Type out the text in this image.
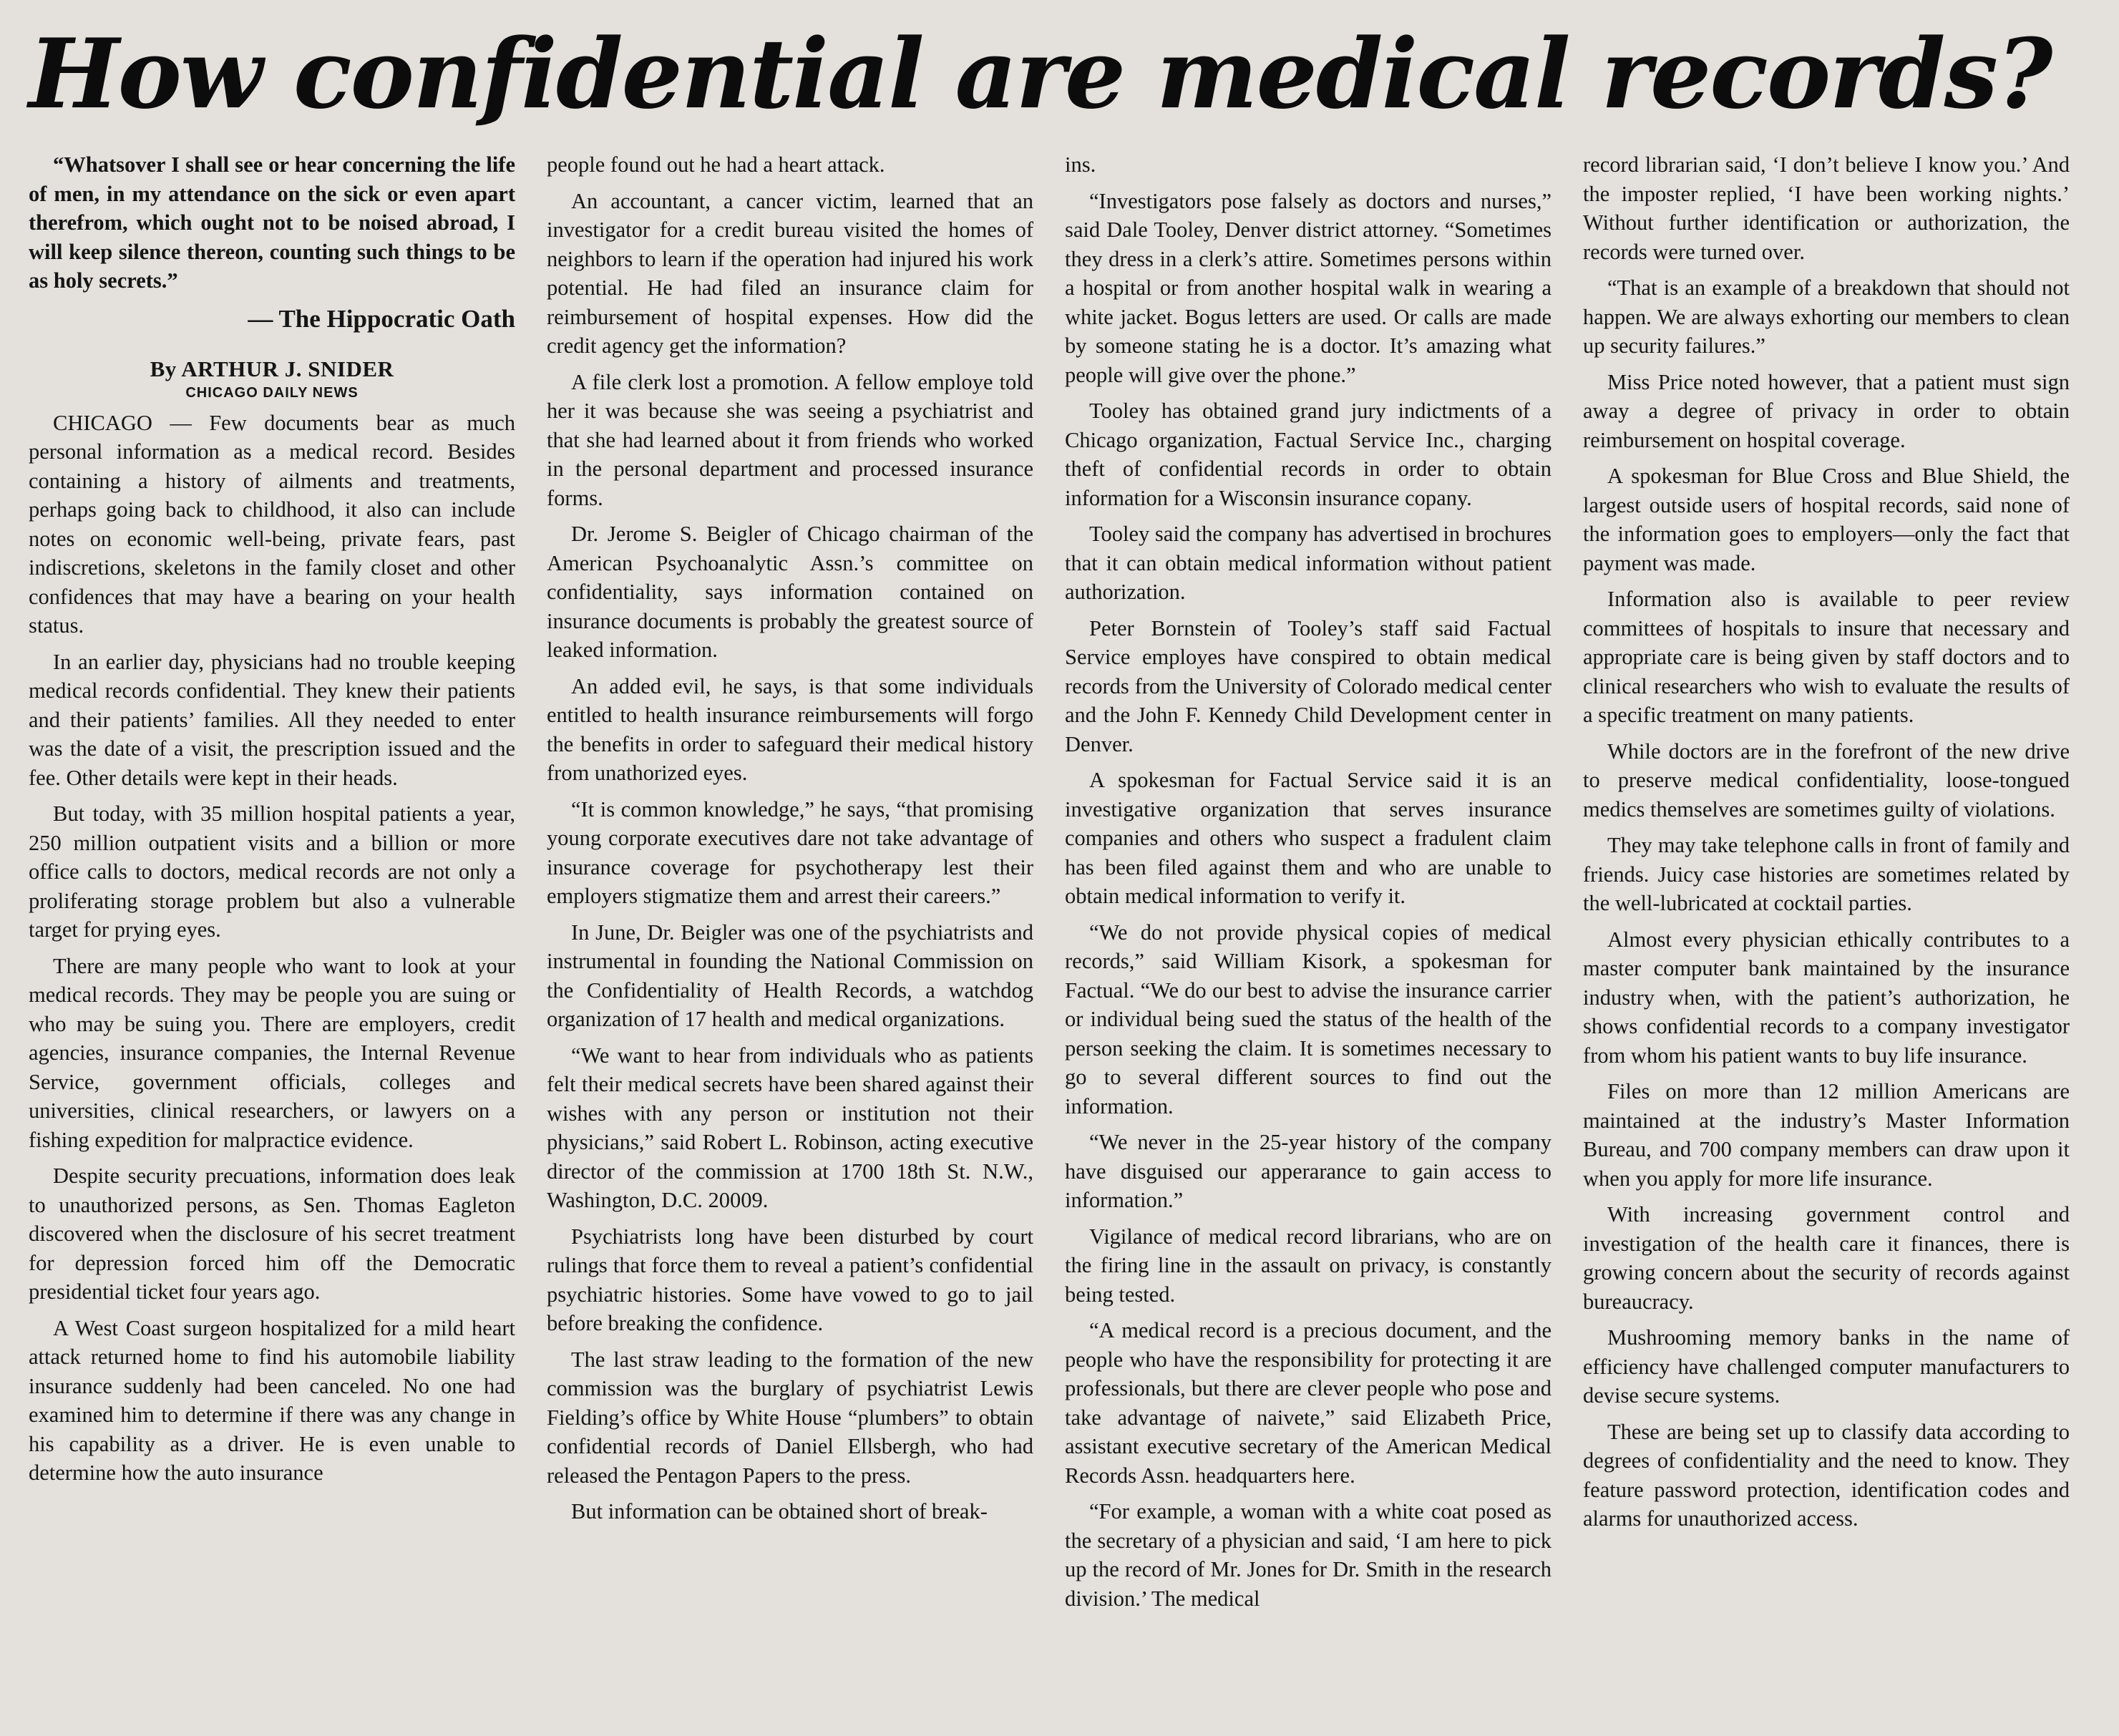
How confidential are medical records?

“Whatsover I shall see or hear concerning the life of men, in my attendance on the sick or even apart therefrom, which ought not to be noised abroad, I will keep silence thereon, counting such things to be as holy secrets.”

— The Hippocratic Oath
By ARTHUR J. SNIDER
CHICAGO DAILY NEWS

CHICAGO — Few documents bear as much personal information as a medical record. Besides containing a history of ailments and treatments, perhaps going back to childhood, it also can include notes on economic well-being, private fears, past indiscretions, skeletons in the family closet and other confidences that may have a bearing on your health status.

In an earlier day, physicians had no trouble keeping medical records confidential. They knew their patients and their patients’ families. All they needed to enter was the date of a visit, the prescription issued and the fee. Other details were kept in their heads.

But today, with 35 million hospital patients a year, 250 million outpatient visits and a billion or more office calls to doctors, medical records are not only a proliferating storage problem but also a vulnerable target for prying eyes.

There are many people who want to look at your medical records. They may be people you are suing or who may be suing you. There are employers, credit agencies, insurance companies, the Internal Revenue Service, government officials, colleges and universities, clinical researchers, or lawyers on a fishing expedition for malpractice evidence.

Despite security precuations, information does leak to unauthorized persons, as Sen. Thomas Eagleton discovered when the disclosure of his secret treatment for depression forced him off the Democratic presidential ticket four years ago.

A West Coast surgeon hospitalized for a mild heart attack returned home to find his automobile liability insurance suddenly had been canceled. No one had examined him to determine if there was any change in his capability as a driver. He is even unable to determine how the auto insurance

people found out he had a heart attack.

An accountant, a cancer victim, learned that an investigator for a credit bureau visited the homes of neighbors to learn if the operation had injured his work potential. He had filed an insurance claim for reimbursement of hospital expenses. How did the credit agency get the information?

A file clerk lost a promotion. A fellow employe told her it was because she was seeing a psychiatrist and that she had learned about it from friends who worked in the personal department and processed insurance forms.

Dr. Jerome S. Beigler of Chicago chairman of the American Psychoanalytic Assn.’s committee on confidentiality, says information contained on insurance documents is probably the greatest source of leaked information.

An added evil, he says, is that some individuals entitled to health insurance reimbursements will forgo the benefits in order to safeguard their medical history from unathorized eyes.

“It is common knowledge,” he says, “that promising young corporate executives dare not take advantage of insurance coverage for psychotherapy lest their employers stigmatize them and arrest their careers.”

In June, Dr. Beigler was one of the psychiatrists and instrumental in founding the National Commission on the Confidentiality of Health Records, a watchdog organization of 17 health and medical organizations.

“We want to hear from individuals who as patients felt their medical secrets have been shared against their wishes with any person or institution not their physicians,” said Robert L. Robinson, acting executive director of the commission at 1700 18th St. N.W., Washington, D.C. 20009.

Psychiatrists long have been disturbed by court rulings that force them to reveal a patient’s confidential psychiatric histories. Some have vowed to go to jail before breaking the confidence.

The last straw leading to the formation of the new commission was the burglary of psychiatrist Lewis Fielding’s office by White House “plumbers” to obtain confidential records of Daniel Ellsbergh, who had released the Pentagon Papers to the press.

But information can be obtained short of break-

ins.

“Investigators pose falsely as doctors and nurses,” said Dale Tooley, Denver district attorney. “Sometimes they dress in a clerk’s attire. Sometimes persons within a hospital or from another hospital walk in wearing a white jacket. Bogus letters are used. Or calls are made by someone stating he is a doctor. It’s amazing what people will give over the phone.”

Tooley has obtained grand jury indictments of a Chicago organization, Factual Service Inc., charging theft of confidential records in order to obtain information for a Wisconsin insurance copany.

Tooley said the company has advertised in brochures that it can obtain medical information without patient authorization.

Peter Bornstein of Tooley’s staff said Factual Service employes have conspired to obtain medical records from the University of Colorado medical center and the John F. Kennedy Child Development center in Denver.

A spokesman for Factual Service said it is an investigative organization that serves insurance companies and others who suspect a fradulent claim has been filed against them and who are unable to obtain medical information to verify it.

“We do not provide physical copies of medical records,” said William Kisork, a spokesman for Factual. “We do our best to advise the insurance carrier or individual being sued the status of the health of the person seeking the claim. It is sometimes necessary to go to several different sources to find out the information.

“We never in the 25-year history of the company have disguised our apperarance to gain access to information.”

Vigilance of medical record librarians, who are on the firing line in the assault on privacy, is constantly being tested.

“A medical record is a precious document, and the people who have the responsibility for protecting it are professionals, but there are clever people who pose and take advantage of naivete,” said Elizabeth Price, assistant executive secretary of the American Medical Records Assn. headquarters here.

“For example, a woman with a white coat posed as the secretary of a physician and said, ‘I am here to pick up the record of Mr. Jones for Dr. Smith in the research division.’ The medical

record librarian said, ‘I don’t believe I know you.’ And the imposter replied, ‘I have been working nights.’ Without further identification or authorization, the records were turned over.

“That is an example of a breakdown that should not happen. We are always exhorting our members to clean up security failures.”

Miss Price noted however, that a patient must sign away a degree of privacy in order to obtain reimbursement on hospital coverage.

A spokesman for Blue Cross and Blue Shield, the largest outside users of hospital records, said none of the information goes to employers—only the fact that payment was made.

Information also is available to peer review committees of hospitals to insure that necessary and appropriate care is being given by staff doctors and to clinical researchers who wish to evaluate the results of a specific treatment on many patients.

While doctors are in the forefront of the new drive to preserve medical confidentiality, loose-tongued medics themselves are sometimes guilty of violations.

They may take telephone calls in front of family and friends. Juicy case histories are sometimes related by the well-lubricated at cocktail parties.

Almost every physician ethically contributes to a master computer bank maintained by the insurance industry when, with the patient’s authorization, he shows confidential records to a company investigator from whom his patient wants to buy life insurance.

Files on more than 12 million Americans are maintained at the industry’s Master Information Bureau, and 700 company members can draw upon it when you apply for more life insurance.

With increasing government control and investigation of the health care it finances, there is growing concern about the security of records against bureaucracy.

Mushrooming memory banks in the name of efficiency have challenged computer manufacturers to devise secure systems.

These are being set up to classify data according to degrees of confidentiality and the need to know. They feature password protection, identification codes and alarms for unauthorized access.
